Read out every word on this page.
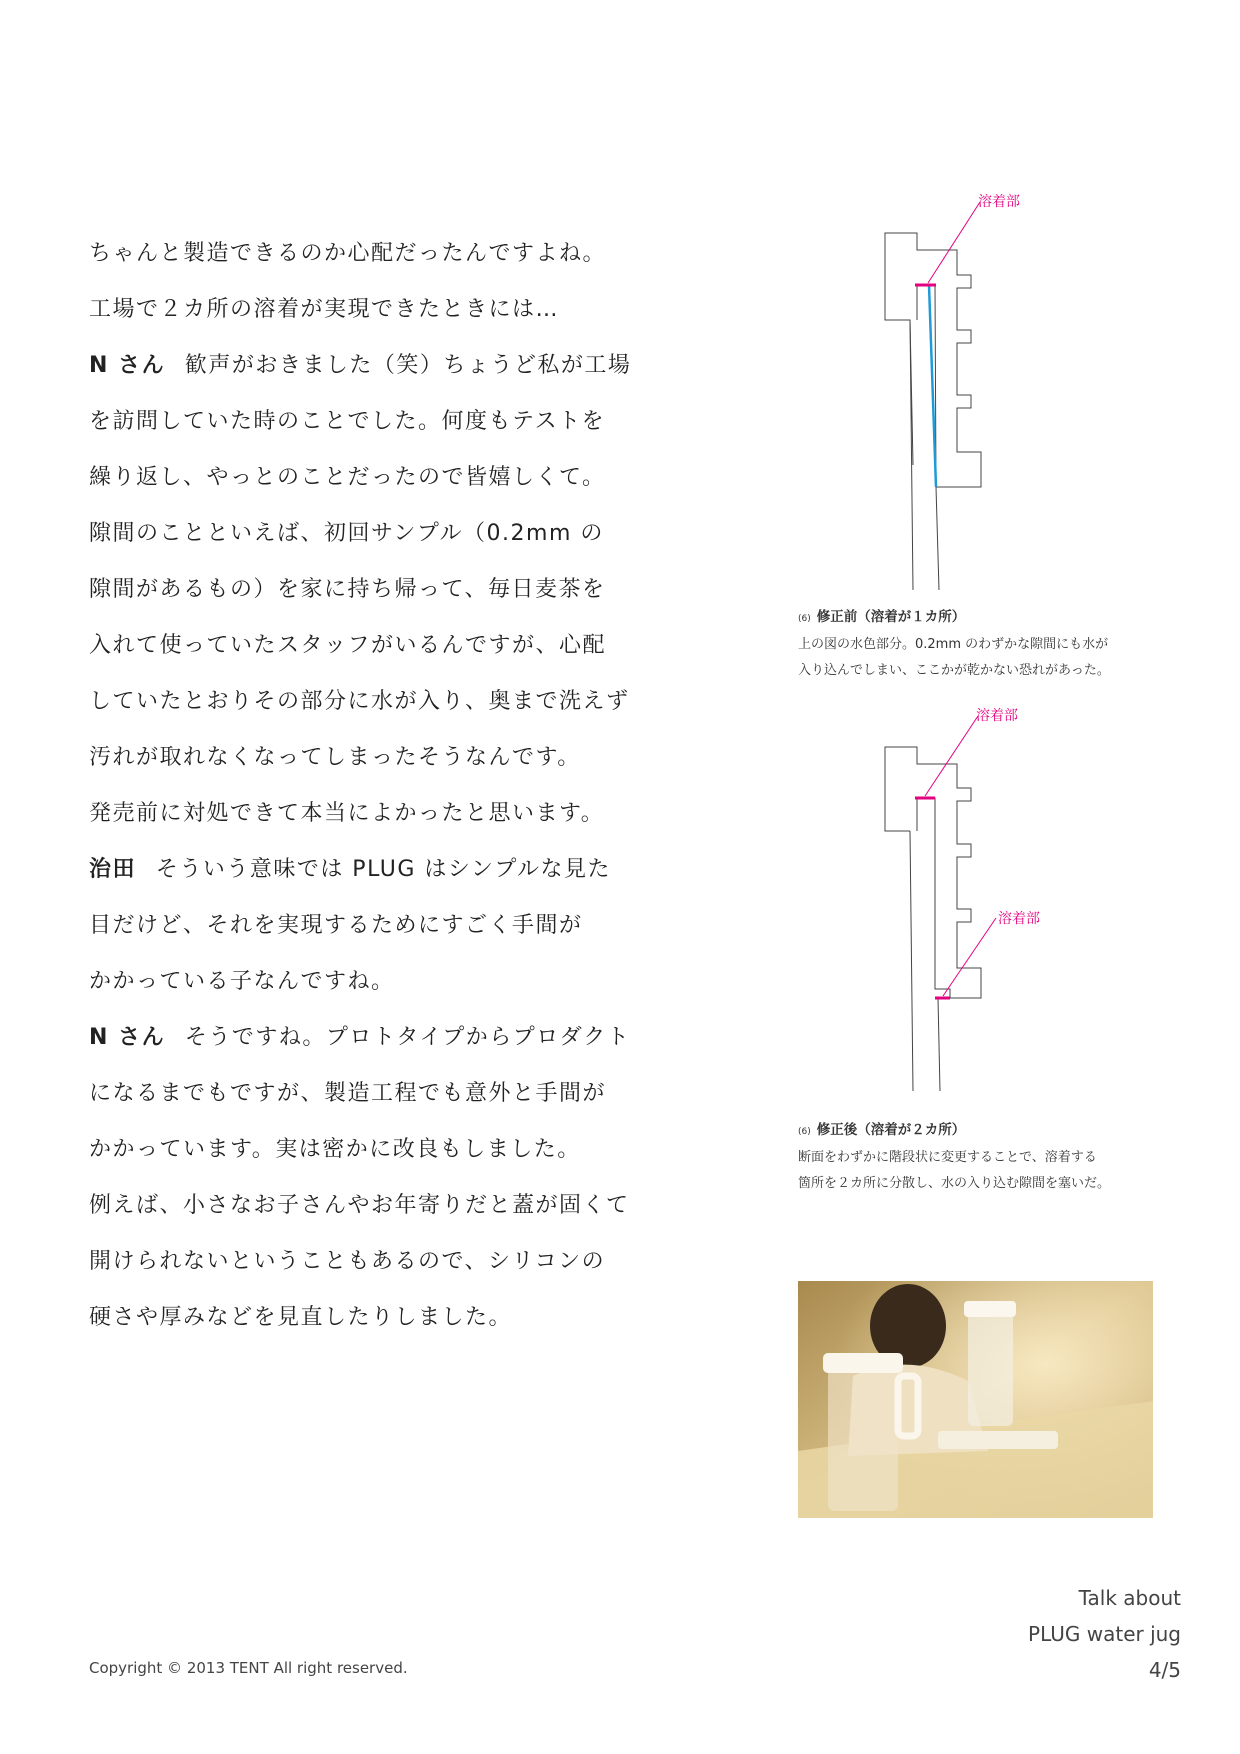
ちゃんと製造できるのか心配だったんですよね。

工場で２カ所の溶着が実現できたときには…

N さん 歓声がおきました（笑）ちょうど私が工場

を訪問していた時のことでした。何度もテストを

繰り返し、やっとのことだったので皆嬉しくて。

隙間のことといえば、初回サンプル（0.2mm の

隙間があるもの）を家に持ち帰って、毎日麦茶を

入れて使っていたスタッフがいるんですが、心配

していたとおりその部分に水が入り、奥まで洗えず

汚れが取れなくなってしまったそうなんです。

発売前に対処できて本当によかったと思います。

治田 そういう意味では PLUG はシンプルな見た

目だけど、それを実現するためにすごく手間が

かかっている子なんですね。

N さん そうですね。プロトタイプからプロダクト

になるまでもですが、製造工程でも意外と手間が

かかっています。実は密かに改良もしました。

例えば、小さなお子さんやお年寄りだと蓋が固くて

開けられないということもあるので、シリコンの

硬さや厚みなどを見直したりしました。

溶着部
(6) 修正前（溶着が１カ所）
上の図の水色部分。0.2mm のわずかな隙間にも水が
入り込んでしまい、ここかが乾かない恐れがあった。
溶着部
溶着部
(6) 修正後（溶着が２カ所）
断面をわずかに階段状に変更することで、溶着する
箇所を２カ所に分散し、水の入り込む隙間を塞いだ。
Talk about
PLUG water jug
4/5
Copyright © 2013 TENT All right reserved.
